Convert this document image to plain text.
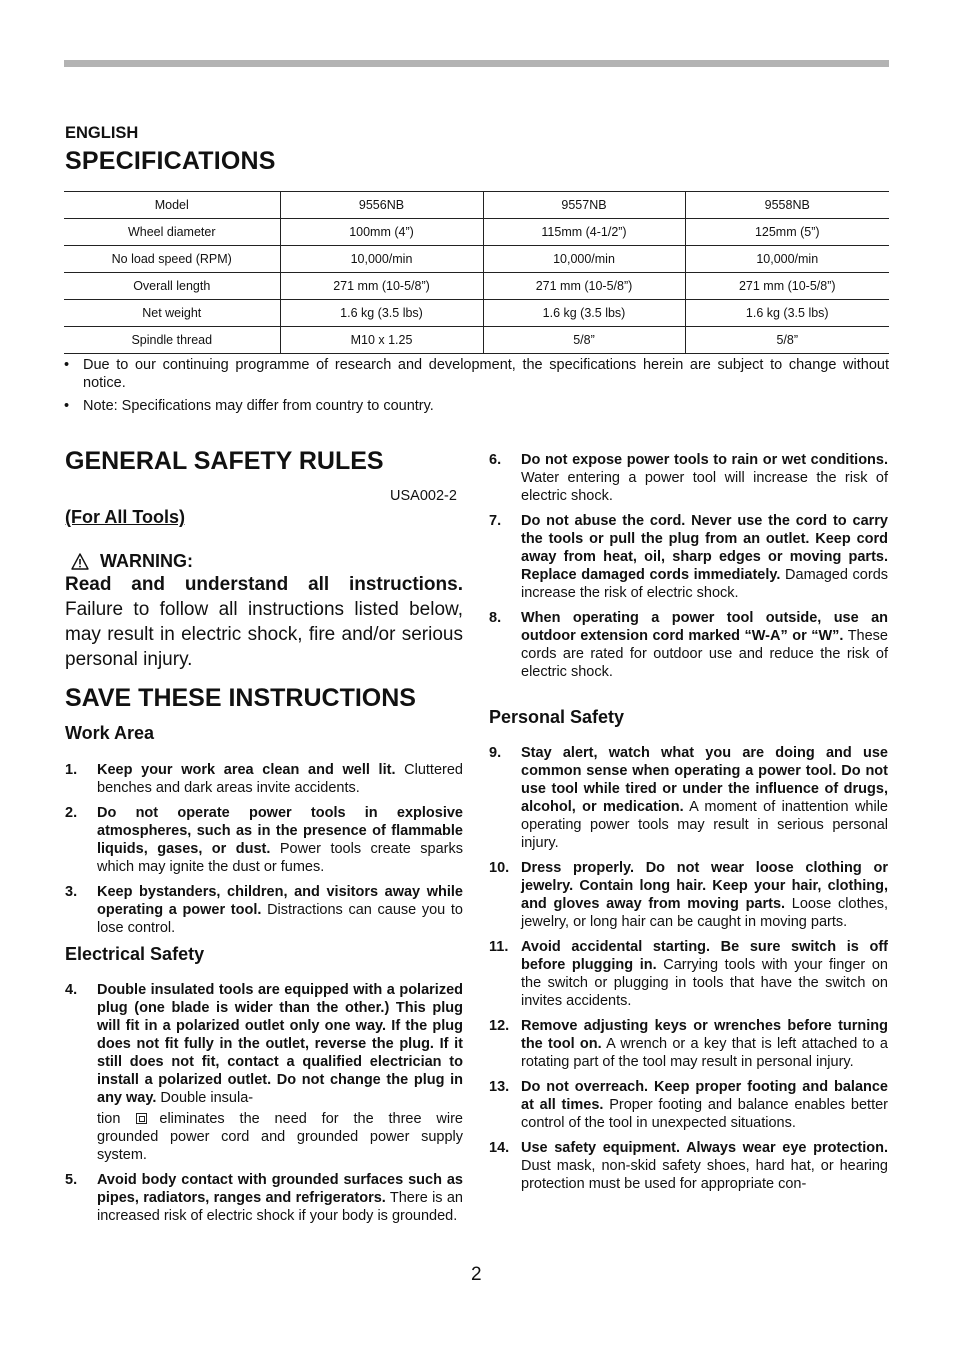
ENGLISH
SPECIFICATIONS
Model	9556NB	9557NB	9558NB
Wheel diameter	100mm (4”)	115mm (4-1/2”)	125mm (5”)
No load speed (RPM)	10,000/min	10,000/min	10,000/min
Overall length	271 mm (10-5/8”)	271 mm (10-5/8”)	271 mm (10-5/8”)
Net weight	1.6 kg (3.5 lbs)	1.6 kg (3.5 lbs)	1.6 kg (3.5 lbs)
Spindle thread	M10 x 1.25	5/8”	5/8”
• Due to our continuing programme of research and development, the specifications herein are subject to change without notice.
• Note: Specifications may differ from country to country.
GENERAL SAFETY RULES
USA002-2
(For All Tools)
WARNING:
Read and understand all instructions. Failure to follow all instructions listed below, may result in electric shock, fire and/or serious personal injury.
SAVE THESE INSTRUCTIONS
Work Area
1. Keep your work area clean and well lit. Cluttered benches and dark areas invite accidents.
2. Do not operate power tools in explosive atmospheres, such as in the presence of flammable liquids, gases, or dust. Power tools create sparks which may ignite the dust or fumes.
3. Keep bystanders, children, and visitors away while operating a power tool. Distractions can cause you to lose control.
Electrical Safety
4. Double insulated tools are equipped with a polarized plug (one blade is wider than the other.) This plug will fit in a polarized outlet only one way. If the plug does not fit fully in the outlet, reverse the plug. If it still does not fit, contact a qualified electrician to install a polarized outlet. Do not change the plug in any way. Double insula-
tion	eliminates the need for the three wire grounded power cord and grounded power supply system.
5. Avoid body contact with grounded surfaces such as pipes, radiators, ranges and refrigerators. There is an increased risk of electric shock if your body is grounded.
6. Do not expose power tools to rain or wet conditions. Water entering a power tool will increase the risk of electric shock.
7. Do not abuse the cord. Never use the cord to carry the tools or pull the plug from an outlet. Keep cord away from heat, oil, sharp edges or moving parts. Replace damaged cords immediately. Damaged cords increase the risk of electric shock.
8. When operating a power tool outside, use an outdoor extension cord marked “W-A” or “W”. These cords are rated for outdoor use and reduce the risk of electric shock.
Personal Safety
9. Stay alert, watch what you are doing and use common sense when operating a power tool. Do not use tool while tired or under the influence of drugs, alcohol, or medication. A moment of inattention while operating power tools may result in serious personal injury.
10. Dress properly. Do not wear loose clothing or jewelry. Contain long hair. Keep your hair, clothing, and gloves away from moving parts. Loose clothes, jewelry, or long hair can be caught in moving parts.
11. Avoid accidental starting. Be sure switch is off before plugging in. Carrying tools with your finger on the switch or plugging in tools that have the switch on invites accidents.
12. Remove adjusting keys or wrenches before turning the tool on. A wrench or a key that is left attached to a rotating part of the tool may result in personal injury.
13. Do not overreach. Keep proper footing and balance at all times. Proper footing and balance enables better control of the tool in unexpected situations.
14. Use safety equipment. Always wear eye protection. Dust mask, non-skid safety shoes, hard hat, or hearing protection must be used for appropriate con-
2
